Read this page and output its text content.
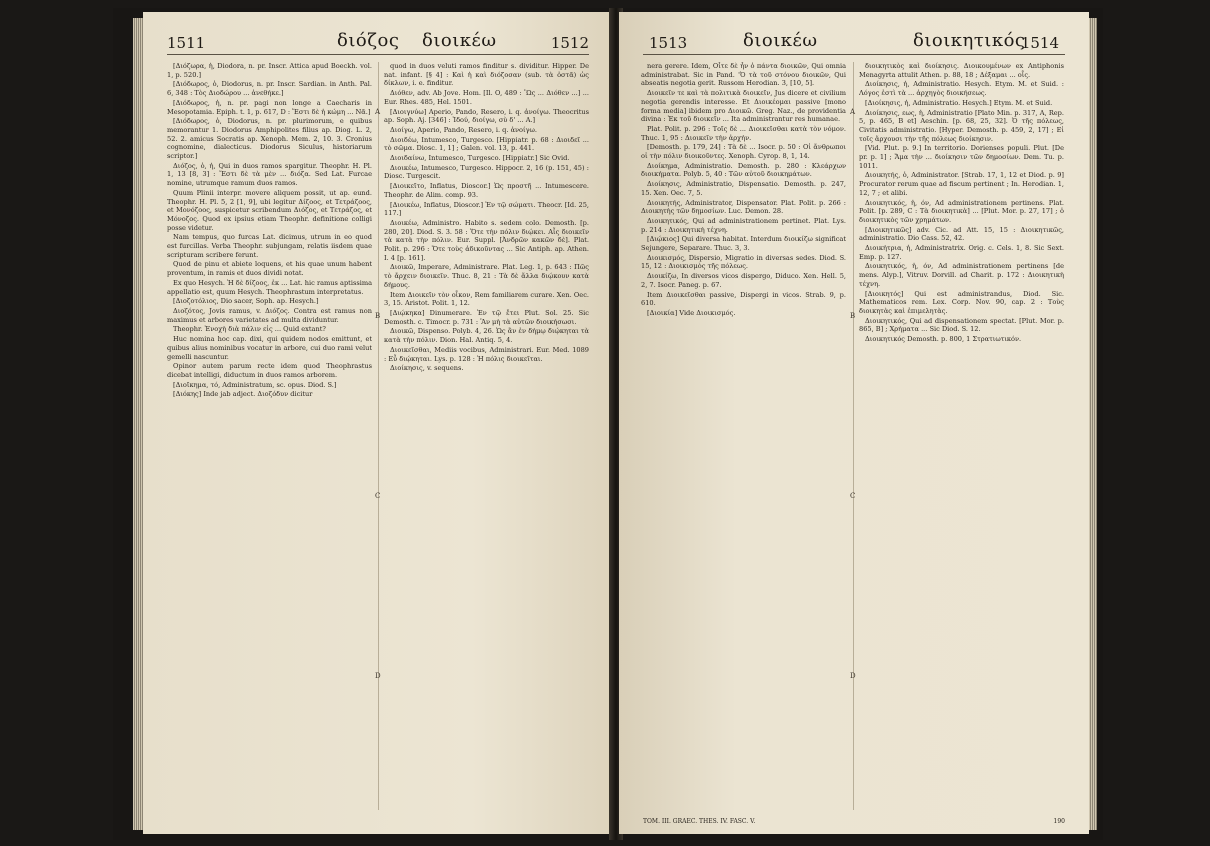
1511	διόζος διοικέω	1512

[Διόζωρα, ἡ, Diodora, n. pr. Inscr. Attica apud Boeckh. vol. 1, p. 520.]

[Διόδωρος, ὁ, Diodorus, n. pr. Inscr. Sardian. in Anth. Pal. 6, 348 : Τὸς Διοδώρου ... ἀνεθήκε.]

[Διόδωρος, ἡ, n. pr. pagi non longe a Caecharis in Mesopotamia. Epiph. t. 1, p. 617, D : Ἔστι δὲ ἡ κώμη ... Νᾶ.]

[Διόδωρος, ὁ, Diodorus, n. pr. plurimorum, e quibus memorantur 1. Diodorus Amphipolites filius ap. Diog. L. 2, 52. 2. amicus Socratis ap. Xenoph. Mem. 2, 10. 3. Cronius cognomine, dialecticus. Diodorus Siculus, historiarum scriptor.]

Διόζος, ὁ, ἡ, Qui in duos ramos spargitur. Theophr. H. Pl. 1, 13 [8, 3] : Ἔστι δὲ τὰ μὲν ... διόζα. Sed Lat. Furcae nomine, utrumque ramum duos ramos.

Quum Plinii interpr. movere aliquem possit, ut ap. eund. Theophr. H. Pl. 5, 2 [1, 9], ubi legitur Δίζοος, et Τετράζοος, et Μονόζοος, suspicetur scribendum Διόζος, et Τετράζος, et Μόνοζος. Quod ex ipsius etiam Theophr. definitione colligi posse videtur.

Nam tempus, quo furcas Lat. dicimus, utrum in eo quod est furcillas. Verba Theophr. subjungam, relatis iisdem quae scripturam scribere ferunt.

Quod de pinu et abiete loquens, et his quae unum habent proventum, in ramis et duos dividi notat.

Ex quo Hesych. Ἡ δὲ δίζοος, ἐκ ... Lat. hic ramus aptissima appellatio est, quum Hesych. Theophrastum interpretatus.

[Διοζοτόλιος, Dio sacer, Soph. ap. Hesych.]

Διοζότος, Jovis ramus, v. Διόζος. Contra est ramus non maximus et arbores varietates ad multa dividuntur.

Theophr. Ἐνοχὴ διὰ πάλιν εἰς ... Quid extant?

Huc nomina hoc cap. dixi, qui quidem nodos emittunt, et quibus alius nominibus vocatur in arbore, cui duo rami velut gemelli nascuntur.

Opinor autem parum recte idem quod Theophrastus dicebat intelligi, diductum in duos ramos arborem.

[Διοῖκημα, τό, Administratum, sc. opus. Diod. S.]

[Διόκης] Inde jab adject. Διοζόδυν dicitur

quod in duos veluti ramos finditur s. dividitur. Hipper. De nat. infant. [§ 4] : Καὶ ἡ καὶ διόζοσαν (sub. τὰ ὀστᾶ) ὡς δίκλων, i. e. finditur.

Διόθεν, adv. Ab Jove. Hom. [Il. O, 489 : Ὣς ... Διόθεν ...] ... Eur. Rhes. 485, Hel. 1501.

[Διοιγνύω] Aperio, Pando, Resero, i. q. ἀνοίγω. Theocritus ap. Soph. Aj. [346] : Ἰδού, διοίγω, σὺ δ' ... Α.]

Διοίγω, Aperio, Pando, Resero, i. q. ἀνοίγω.

Διοιδέω, Intumesco, Turgesco. [Hippiatr. p. 68 : Διοιδεῖ ... τὸ σῶμα. Diosc. 1, 1] ; Galen. vol. 13, p. 441.

Διοιδαίνω, Intumesco, Turgesco. [Hippiatr.] Sic Ovid.

Διοικέω, Intumesco, Turgesco. Hippocr. 2, 16 (p. 151, 45) : Diosc. Turgescit.

[Διοικεῖτο, Inflatus, Dioscor.] Ὡς προστῆ ... Intumescere. Theophr. de Alim. comp. 93.

[Διοικέω, Inflatus, Dioscor.] Ἐν τῷ σώματι. Theocr. [Id. 25, 117.]

Διοικέω, Administro. Habito s. sedem colo. Demosth. [p. 280, 20]. Diod. S. 3. 58 : Ὅτε τὴν πόλιν διῴκει. Αἷς διοικεῖν τὰ κατὰ τὴν πόλιν. Eur. Suppl. [Ἀνδρῶν κακῶν δὲ]. Plat. Polit. p. 296 : Ὅτε τοὺς ἀδικοῦντας ... Sic Antiph. ap. Athen. I. 4 [p. 161].

Διοικῶ, Imperare, Administrare. Plat. Leg. 1, p. 643 : Πῶς τὸ ἄρχειν διοικεῖν. Thuc. 8, 21 : Τὰ δὲ ἄλλα διῴκουν κατὰ δήμους.

Item Διοικεῖν τὸν οἶκον, Rem familiarem curare. Xen. Oec. 3, 15. Aristot. Polit. 1, 12.

[Διῴκηκα] Dinumerare. Ἐν τῷ ἔτει Plut. Sol. 25. Sic Demosth. c. Timocr. p. 731 : Ἂν μὴ τὰ αὐτῶν διοικήσωσι.

Διοικῶ, Dispenso. Polyb. 4, 26. Ὡς ἂν ἐν δήμῳ διῴκηται τὰ κατὰ τὴν πόλιν. Dion. Hal. Antiq. 5, 4.

Διοικεῖσθαι, Mediis vocibus, Administrari. Eur. Med. 1089 : Εὖ διῴκηται. Lys. p. 128 : Ἡ πόλις διοικεῖται.

Διοίκησις, v. sequens.

A
B
C
D
1513	διοικέω	διοικητικός
1514

nera gerere. Idem, Οἷτε δὲ ἦν ὁ πάντα διοικῶν, Qui omnia administrabat. Sic in Pand. 'Ὁ τὰ τοῦ στόνου διοικῶν, Qui abseatis negotia gerit. Russom Herodian. 3, [10, 5].

Διοικεῖν τε καὶ τὰ πολιτικὰ διοικεῖν, Jus dicere et civilium negotia gerendis interesse. Et Διοικέομαι passive [mono forma media] ibidem pro Διοικῶ. Greg. Naz., de providentia divina : Ἐκ τοῦ διοικεῖν ... Ita administrantur res humanae.

Plat. Polit. p. 296 : Τοῖς δὲ ... Διοικεῖσθαι κατὰ τὸν νόμον. Thuc. 1, 95 : Διοικεῖν τὴν ἀρχήν.

[Demosth. p. 179, 24] : Τὰ δὲ ... Isocr. p. 50 : Οἱ ἄνθρωποι οἱ τὴν πόλιν διοικοῦντες. Xenoph. Cyrop. 8, 1, 14.

Διοίκημα, Administratio. Demosth. p. 280 : Κλεάρχων διοικήματα. Polyb. 5, 40 : Τῶν αὐτοῦ διοικημάτων.

Διοίκησις, Administratio, Dispensatio. Demosth. p. 247, 15. Xen. Oec. 7, 5.

Διοικητής, Administrator, Dispensator. Plat. Polit. p. 266 : Διοικητὴς τῶν δημοσίων. Luc. Demon. 28.

Διοικητικός, Qui ad administrationem pertinet. Plat. Lys. p. 214 : Διοικητικὴ τέχνη.

[Διῴκιος] Qui diversa habitat. Interdum διοικίζω significat Sejungere, Separare. Thuc. 3, 3.

Διοικισμός, Dispersio, Migratio in diversas sedes. Diod. S. 15, 12 : Διοικισμὸς τῆς πόλεως.

Διοικίζω, In diversos vicos dispergo, Diduco. Xen. Hell. 5, 2, 7. Isocr. Paneg. p. 67.

Item Διοικεῖσθαι passive, Dispergi in vicos. Strab. 9, p. 610.

[Διοικία] Vide Διοικισμός.

διοικητικὸς καὶ διοίκησις. Διοικουμένων ex Antiphonis Menagyrta attulit Athen. p. 88, 18 ; Δέξαμαι ... οἷς.

Διοίκησις, ἡ, Administratio. Hesych. Etym. M. et Suid. : Λόγος ἐστὶ τὰ ... ἀρχηγὸς διοικήσεως.

[Διοίκησις, ἡ, Administratio. Hesych.] Etym. M. et Suid.

Διοίκησις, εως, ἡ, Administratio [Plato Min. p. 317, A, Rep. 5, p. 465, B et] Aeschin. [p. 68, 25, 32]. Ὁ τῆς πόλεως, Civitatis administratio. [Hyper. Demosth. p. 459, 2, 17] ; Εἰ τοῖς ἄρχουσι τὴν τῆς πόλεως διοίκησιν.

[Vid. Plut. p. 9.] In territorio. Dorienses populi. Plut. [De pr. p. 1] ; Ἄμα τὴν ... διοίκησιν τῶν δημοσίων. Dem. Tu. p. 1011.

Διοικητής, ὁ, Administrator. [Strab. 17, 1, 12 et Diod. p. 9] Procurator rerum quae ad fiscum pertinent ; In. Herodian. 1, 12, 7 ; et alibi.

Διοικητικός, ἡ, όν, Ad administrationem pertinens. Plat. Polit. [p. 289, C : Τὰ διοικητικὰ] ... [Plut. Mor. p. 27, 17] ; ὁ διοικητικὸς τῶν χρημάτων.

[Διοικητικῶς] adv. Cic. ad Att. 15, 15 : Διοικητικῶς, administratio. Dio Cass. 52, 42.

Διοικήτρια, ἡ, Administratrix. Orig. c. Cels. 1, 8. Sic Sext. Emp. p. 127.

Διοικητικός, ἡ, όν, Ad administrationem pertinens [de mens. Alyp.], Vitruv. Dorvill. ad Charit. p. 172 : Διοικητικὴ τέχνη.

[Διοικητός] Qui est administrandus, Diod. Sic. Mathematicos rem. Lex. Corp. Nov. 90, cap. 2 : Τοὺς διοικητὰς καὶ ἐπιμελητὰς.

Διοικητικός, Qui ad dispensationem spectat. [Plut. Mor. p. 865, B] ; Χρήματα ... Sic Diod. S. 12.

Διοικητικός Demosth. p. 800, 1 Στρατιωτικόν.

A
B
C
D
TOM. III. GRAEC. THES. IV. FASC. V.	190
